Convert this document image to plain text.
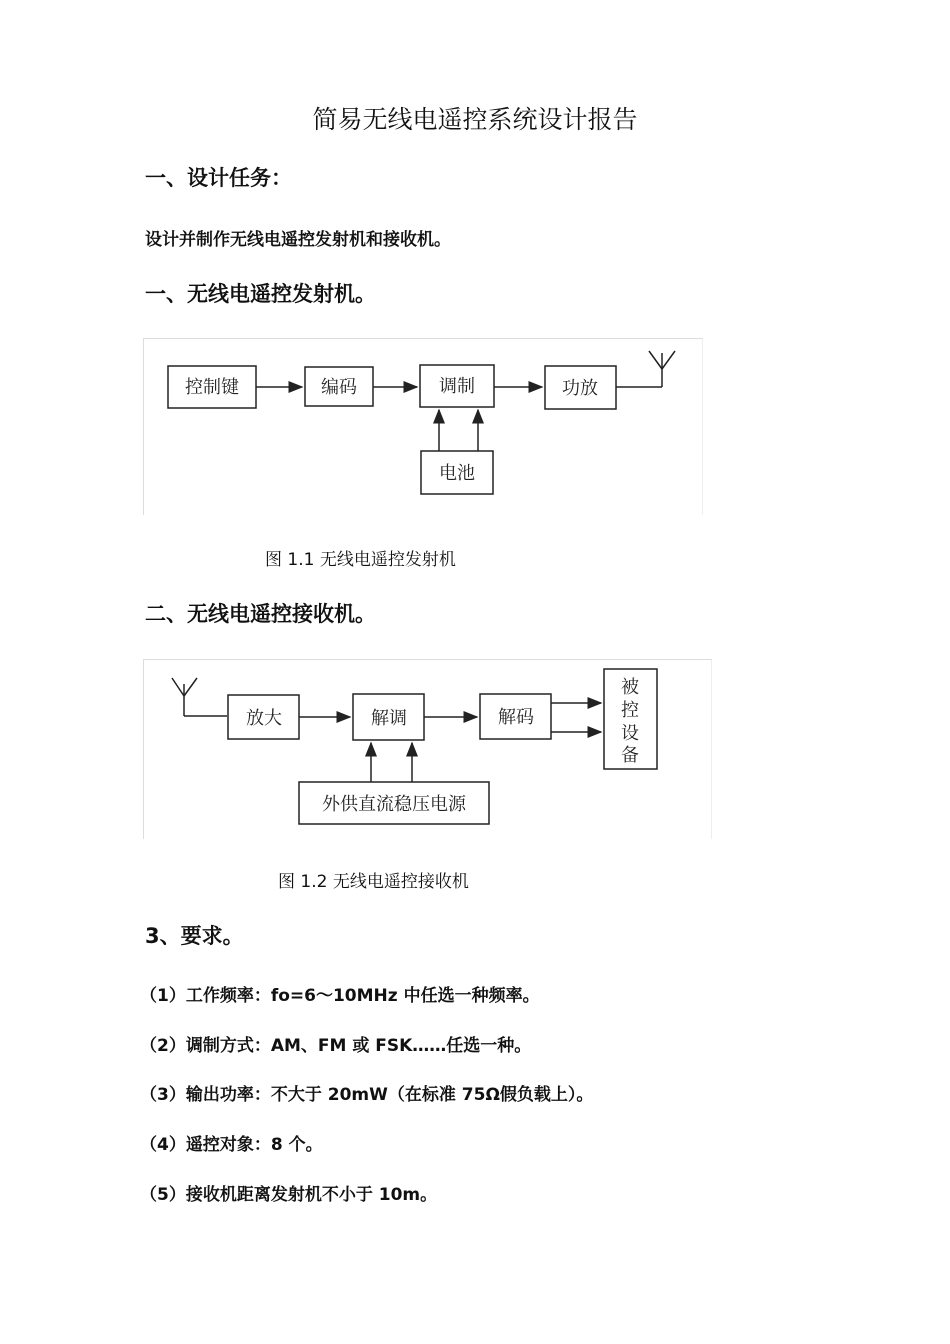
简易无线电遥控系统设计报告
一、设计任务：
设计并制作无线电遥控发射机和接收机。
一、无线电遥控发射机。
控制键	编码	调制	功放
电池
图 1.1 无线电遥控发射机
二、无线电遥控接收机。
放大	解调	解码
被
控
设
备
外供直流稳压电源
图 1.2 无线电遥控接收机
3、要求。
（1）工作频率：fo=6～10MHz 中任选一种频率。
（2）调制方式：AM、FM 或 FSK……任选一种。
（3）输出功率：不大于 20mW（在标准 75Ω假负载上）。
（4）遥控对象：8 个。
（5）接收机距离发射机不小于 10m。
